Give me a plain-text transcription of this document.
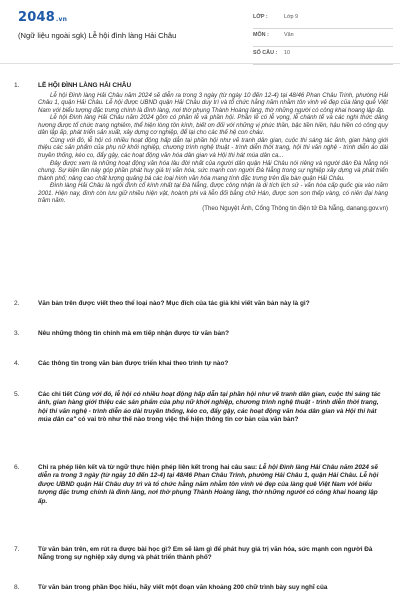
2048.vn
(Ngữ liệu ngoài sgk) Lễ hội đình làng Hải Châu
LỚP :	Lớp 9
MÔN :	Văn
SỐ CÂU : 10
1.	LỄ HỘI ĐÌNH LÀNG HẢI CHÂU

Lễ hội Đình làng Hải Châu năm 2024 sẽ diễn ra trong 3 ngày (từ ngày 10 đến 12-4) tại 48/46 Phan Châu Trinh, phường Hải Châu 1, quận Hải Châu. Lễ hội được UBND quận Hải Châu duy trì và tổ chức hằng năm nhằm tôn vinh vẻ đẹp của làng quê Việt Nam với biểu tượng đặc trưng chính là đình làng, nơi thờ phụng Thành Hoàng làng, thờ những người có công khai hoang lập ấp.

Lễ hội Đình làng Hải Châu năm 2024 gồm có phần lễ và phần hội. Phần lễ có lễ vọng, lễ chánh tế và các nghi thức dâng hương được tổ chức trang nghiêm, thể hiện lòng tôn kính, biết ơn đối với những vị phúc thần, bậc tiền hiền, hậu hiền có công quy dân lập ấp, phát triển sản xuất, xây dựng cơ nghiệp, để lại cho các thế hệ con cháu.

Cùng với đó, lễ hội có nhiều hoạt động hấp dẫn tại phần hội như vẽ tranh dân gian, cuộc thi sáng tác ảnh, gian hàng giới thiệu các sản phẩm của phụ nữ khởi nghiệp, chương trình nghệ thuật - trình diễn thời trang, hội thi văn nghệ - trình diễn áo dài truyền thống, kéo co, đẩy gậy, các hoạt động văn hóa dân gian và Hội thi hát múa dân ca...

Đây được xem là những hoạt động văn hóa lâu đời nhất của người dân quận Hải Châu nói riêng và người dân Đà Nẵng nói chung. Sự kiện lần này góp phần phát huy giá trị văn hóa, sức mạnh con người Đà Nẵng trong sự nghiệp xây dựng và phát triển thành phố; nâng cao chất lượng quảng bá các loại hình văn hóa mang tính đặc trưng trên địa bàn quận Hải Châu.

Đình làng Hải Châu là ngôi đình cổ kính nhất tại Đà Nẵng, được công nhận là di tích lịch sử - văn hóa cấp quốc gia vào năm 2001. Hiện nay, đình còn lưu giữ nhiều hiện vật, hoành phi và liễn đối bằng chữ Hán, được sơn son thếp vàng, có niên đại hàng trăm năm.

(Theo Nguyệt Ánh, Cổng Thông tin điện tử Đà Nẵng, danang.gov.vn)

2.	Văn bản trên được viết theo thể loại nào? Mục đích của tác giả khi viết văn bản này là gì?
3.	Nêu những thông tin chính mà em tiếp nhận được từ văn bản?
4.	Các thông tin trong văn bản được triển khai theo trình tự nào?
5.	Các chi tiết Cùng với đó, lễ hội có nhiều hoạt động hấp dẫn tại phần hội như vẽ tranh dân gian, cuộc thi sáng tác ảnh, gian hàng giới thiệu các sản phẩm của phụ nữ khởi nghiệp, chương trình nghệ thuật - trình diễn thời trang, hội thi văn nghệ - trình diễn áo dài truyền thống, kéo co, đẩy gậy, các hoạt động văn hóa dân gian và Hội thi hát múa dân ca" có vai trò như thế nào trong việc thể hiện thông tin cơ bản của văn bản?
6.	Chỉ ra phép liên kết và từ ngữ thực hiện phép liên kết trong hai câu sau: Lễ hội Đình làng Hải Châu năm 2024 sẽ diễn ra trong 3 ngày (từ ngày 10 đến 12-4) tại 48/46 Phan Châu Trinh, phường Hải Châu 1, quận Hải Châu. Lễ hội được UBND quận Hải Châu duy trì và tổ chức hằng năm nhằm tôn vinh vẻ đẹp của làng quê Việt Nam với biểu tượng đặc trưng chính là đình làng, nơi thờ phụng Thành Hoàng làng, thờ những người có công khai hoang lập ấp.
7.	Từ văn bản trên, em rút ra được bài học gì? Em sẽ làm gì để phát huy giá trị văn hóa, sức mạnh con người Đà Nẵng trong sự nghiệp xây dựng và phát triển thành phố?
8.	Từ văn bản trong phần Đọc hiểu, hãy viết một đoạn văn khoảng 200 chữ trình bày suy nghĩ của
